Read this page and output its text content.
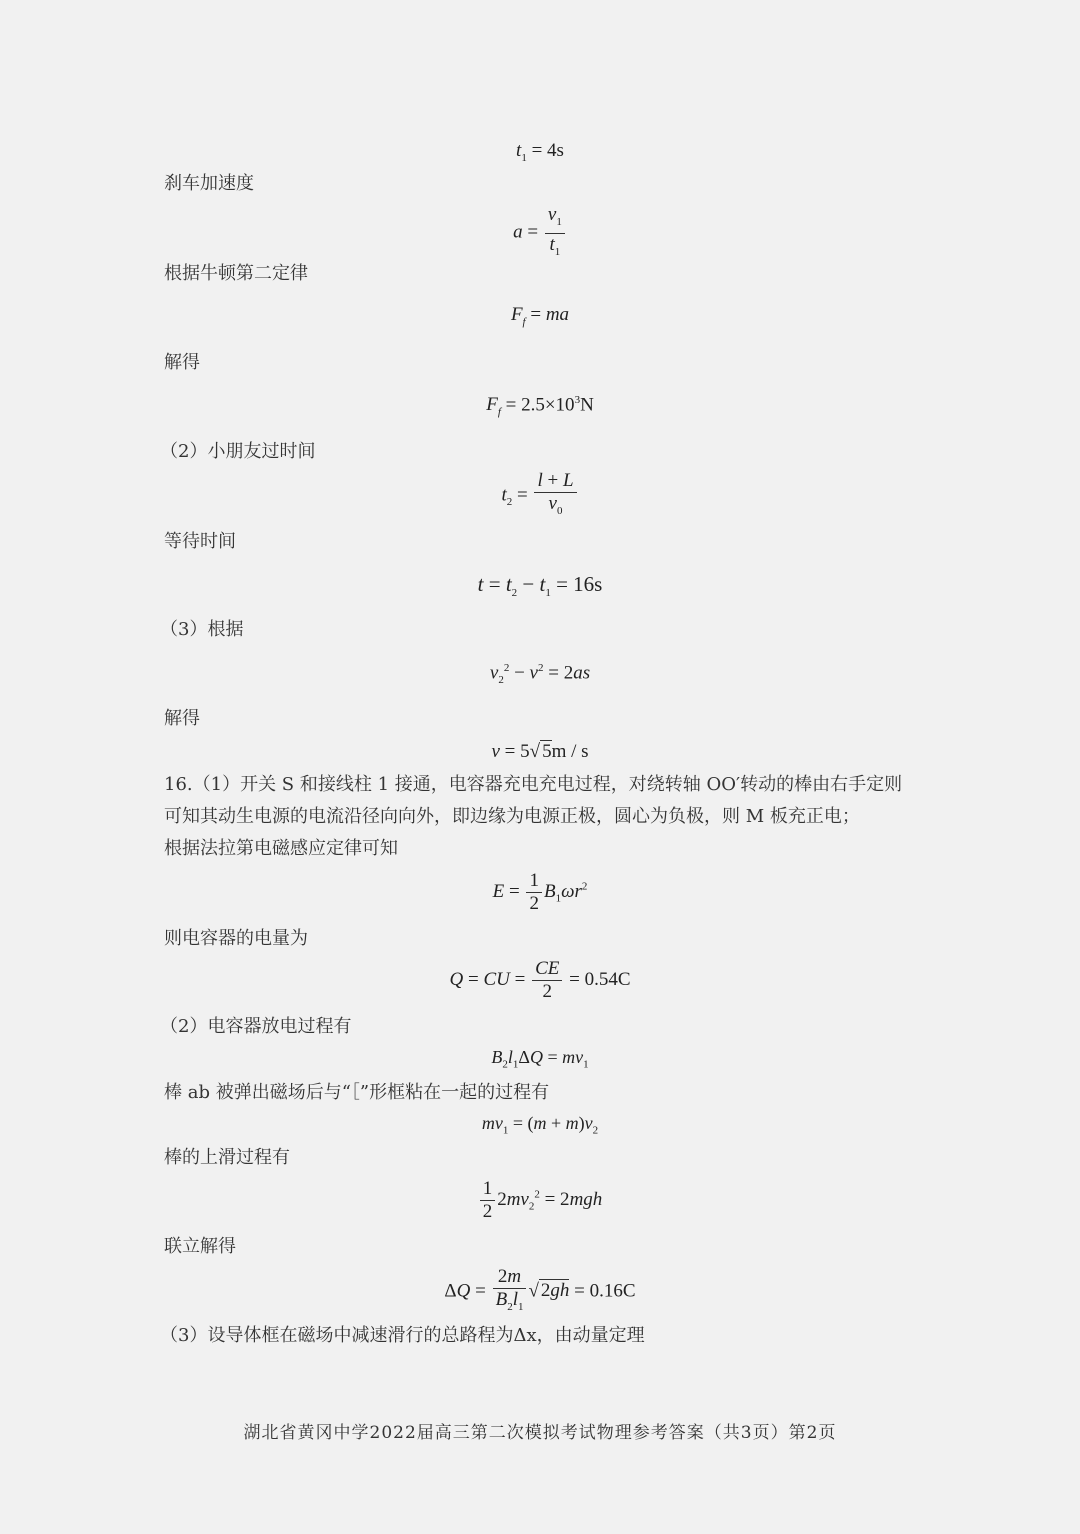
$t_1 = 4s$
刹车加速度
$a = \frac{v_1}{t_1}$
根据牛顿第二定律
$F_f$ = ma
解得
$F_f = 2.5\times 10^3N$
（2）小朋友过时间
$t_2 = \frac{l + L}{v_0}$
等待时间
$t = t_2 - t_1 = 16s$
（3）根据
$v_2^2 - v^2 = 2as$
解得
v = 5√ 5m / s
16.（1）开关 S 和接线柱 1 接通，电容器充电充电过程，对绕转轴 OO′转动的棒由右手定则
可知其动生电源的电流沿径向向外，即边缘为电源正极，圆心为负极，则 M 板充正电；
根据法拉第电磁感应定律可知
$E = \frac{1}{2} B_1\omega r^2$
则电容器的电量为
Q = CU = $\frac{CE}{2} = 0.54C$
（2）电容器放电过程有
$B_2l_1\Delta Q = mv_1$
棒 ab 被弹出磁场后与“［”形框粘在一起的过程有
$mv_1 = (m + m)v_2$
棒的上滑过程有
$\frac{1}{2} 2mv_2^2 = 2mgh$
联立解得
$\Delta Q = \frac{2m}{B_2l_1}$ √ 2gh = 0.16C
（3）设导体框在磁场中减速滑行的总路程为Δx，由动量定理
湖北省黄冈中学2022届高三第二次模拟考试物理参考答案（共3页）第2页
